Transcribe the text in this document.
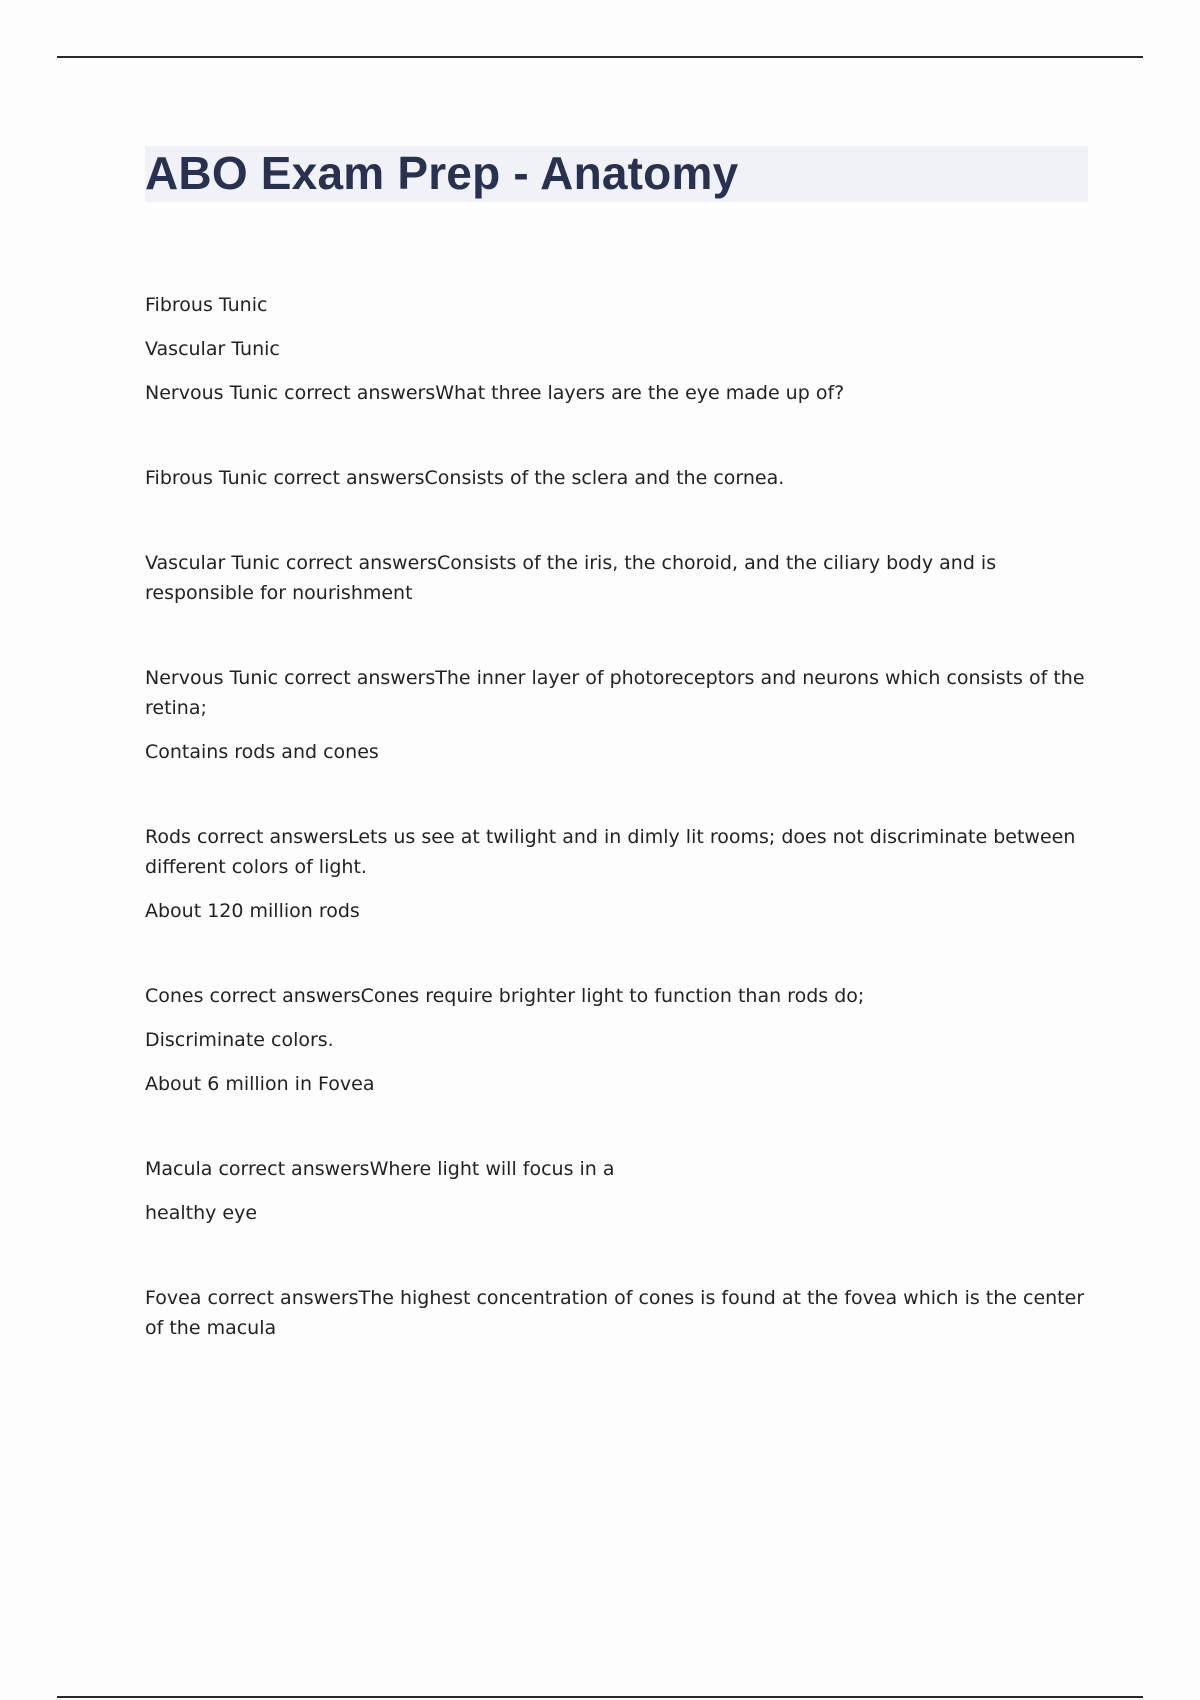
ABO Exam Prep - Anatomy

Fibrous Tunic

Vascular Tunic

Nervous Tunic correct answersWhat three layers are the eye made up of?

Fibrous Tunic correct answersConsists of the sclera and the cornea.

Vascular Tunic correct answersConsists of the iris, the choroid, and the ciliary body and is responsible for nourishment

Nervous Tunic correct answersThe inner layer of photoreceptors and neurons which consists of the retina;

Contains rods and cones

Rods correct answersLets us see at twilight and in dimly lit rooms; does not discriminate between different colors of light.

About 120 million rods

Cones correct answersCones require brighter light to function than rods do;

Discriminate colors.

About 6 million in Fovea

Macula correct answersWhere light will focus in a

healthy eye

Fovea correct answersThe highest concentration of cones is found at the fovea which is the center of the macula
